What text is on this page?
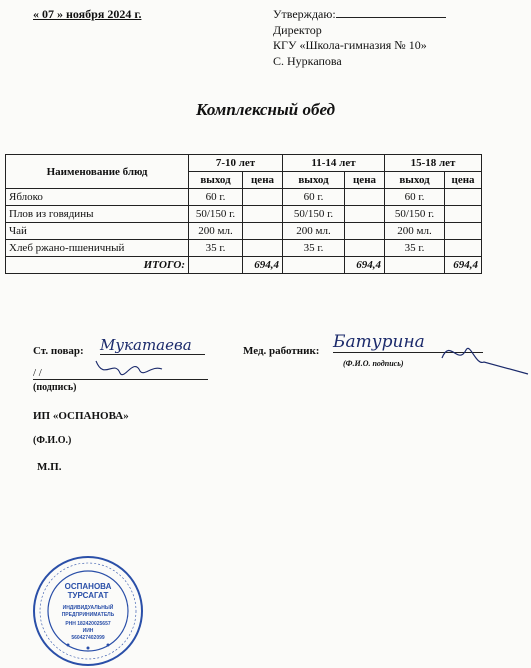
« 07 » ноября 2024 г.	Утверждаю:
Директор
КГУ «Школа-гимназия № 10»
С. Нуркапова
Комплексный обед
Наименование блюд	7-10 лет		11-14 лет		15-18 лет	
	выход	цена	выход	цена	выход	цена
Яблоко	60 г.		60 г.		60 г.	
Плов из говядины	50/150 г.		50/150 г.		50/150 г.	
Чай	200 мл.		200 мл.		200 мл.	
Хлеб ржано-пшеничный	35 г.		35 г.		35 г.	
ИТОГО:		694,4		694,4		694,4
Ст. повар: Мукатаева	Мед. работник: Батурина
(Ф.И.О. подпись)
/ /
(подпись)
ИП «ОСПАНОВА»
(Ф.И.О.)
М.П.
ОСПАНОВА
ТУРСАГАТ
ИНДИВИДУАЛЬНЫЙ
ПРЕДПРИНИМАТЕЛЬ
РНН 182420025657
ИИН
560427402099
